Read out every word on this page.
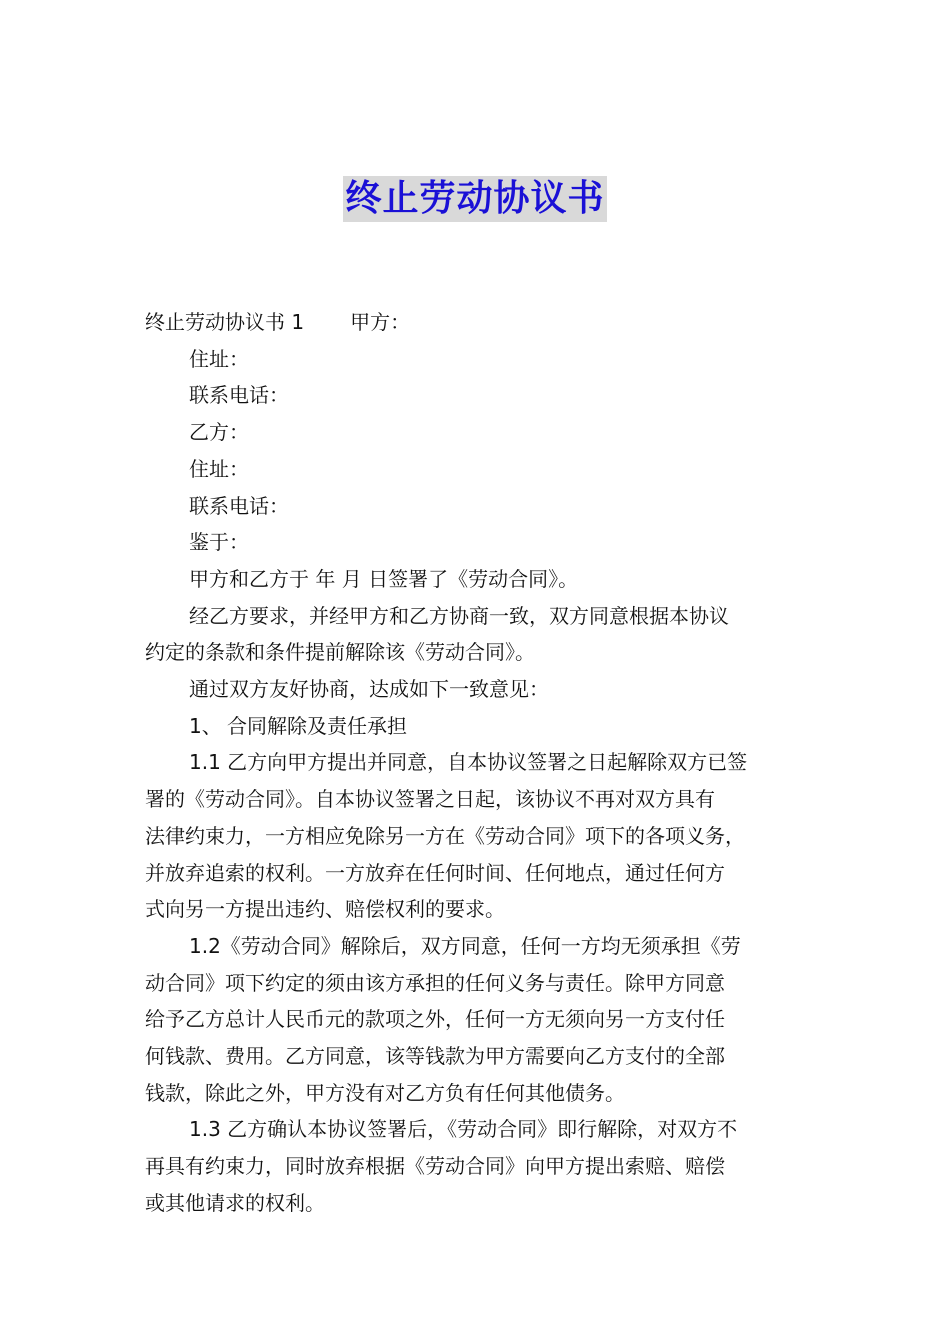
终止劳动协议书
终止劳动协议书 1 甲方：
住址：
联系电话：
乙方：
住址：
联系电话：
鉴于：
甲方和乙方于 年 月 日签署了《劳动合同》。
经乙方要求，并经甲方和乙方协商一致，双方同意根据本协议
约定的条款和条件提前解除该《劳动合同》。
通过双方友好协商，达成如下一致意见：
1、 合同解除及责任承担
1.1 乙方向甲方提出并同意，自本协议签署之日起解除双方已签
署的《劳动合同》。自本协议签署之日起，该协议不再对双方具有
法律约束力，一方相应免除另一方在《劳动合同》项下的各项义务，
并放弃追索的权利。一方放弃在任何时间、任何地点，通过任何方
式向另一方提出违约、赔偿权利的要求。
1.2《劳动合同》解除后，双方同意，任何一方均无须承担《劳
动合同》项下约定的须由该方承担的任何义务与责任。除甲方同意
给予乙方总计人民币元的款项之外，任何一方无须向另一方支付任
何钱款、费用。乙方同意，该等钱款为甲方需要向乙方支付的全部
钱款，除此之外，甲方没有对乙方负有任何其他债务。
1.3 乙方确认本协议签署后，《劳动合同》即行解除，对双方不
再具有约束力，同时放弃根据《劳动合同》向甲方提出索赔、赔偿
或其他请求的权利。
